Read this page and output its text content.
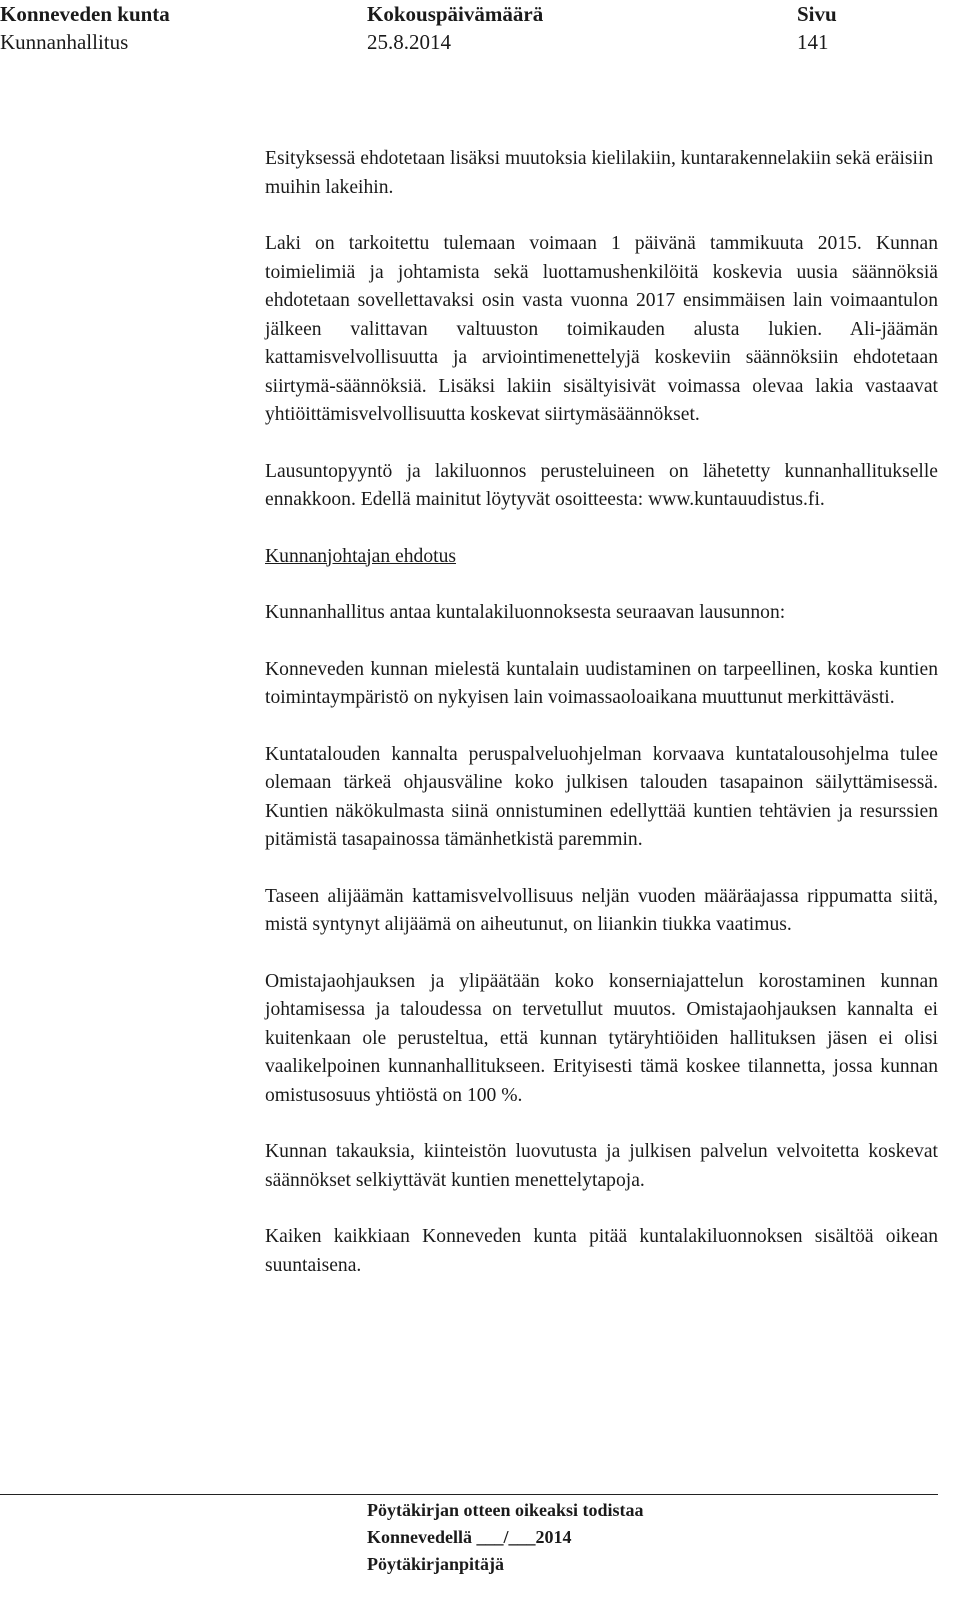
Konneveden kunta
Kunnanhallitus
Kokouspäivämäärä
25.8.2014
Sivu
141

Esityksessä ehdotetaan lisäksi muutoksia kielilakiin, kuntarakennelakiin sekä eräisiin muihin lakeihin.

Laki on tarkoitettu tulemaan voimaan 1 päivänä tammikuuta 2015. Kunnan toimielimiä ja johtamista sekä luottamushenkilöitä koskevia uusia säännöksiä ehdotetaan sovellettavaksi osin vasta vuonna 2017 ensimmäisen lain voimaantulon jälkeen valittavan valtuuston toimikauden alusta lukien. Ali-jäämän kattamisvelvollisuutta ja arviointimenettelyjä koskeviin säännöksiin ehdotetaan siirtymä-säännöksiä. Lisäksi lakiin sisältyisivät voimassa olevaa lakia vastaavat yhtiöittämisvelvollisuutta koskevat siirtymäsäännökset.

Lausuntopyyntö ja lakiluonnos perusteluineen on lähetetty kunnanhallitukselle ennakkoon. Edellä mainitut löytyvät osoitteesta: www.kuntauudistus.fi.

Kunnanjohtajan ehdotus

Kunnanhallitus antaa kuntalakiluonnoksesta seuraavan lausunnon:

Konneveden kunnan mielestä kuntalain uudistaminen on tarpeellinen, koska kuntien toimintaympäristö on nykyisen lain voimassaoloaikana muuttunut merkittävästi.

Kuntatalouden kannalta peruspalveluohjelman korvaava kuntatalousohjelma tulee olemaan tärkeä ohjausväline koko julkisen talouden tasapainon säilyttämisessä. Kuntien näkökulmasta siinä onnistuminen edellyttää kuntien tehtävien ja resurssien pitämistä tasapainossa tämänhetkistä paremmin.

Taseen alijäämän kattamisvelvollisuus neljän vuoden määräajassa rippumatta siitä, mistä syntynyt alijäämä on aiheutunut, on liiankin tiukka vaatimus.

Omistajaohjauksen ja ylipäätään koko konserniajattelun korostaminen kunnan johtamisessa ja taloudessa on tervetullut muutos. Omistajaohjauksen kannalta ei kuitenkaan ole perusteltua, että kunnan tytäryhtiöiden hallituksen jäsen ei olisi vaalikelpoinen kunnanhallitukseen. Erityisesti tämä koskee tilannetta, jossa kunnan omistusosuus yhtiöstä on 100 %.

Kunnan takauksia, kiinteistön luovutusta ja julkisen palvelun velvoitetta koskevat säännökset selkiyttävät kuntien menettelytapoja.

Kaiken kaikkiaan Konneveden kunta pitää kuntalakiluonnoksen sisältöä oikean suuntaisena.

Pöytäkirjan otteen oikeaksi todistaa
Konnevedellä ___/___2014
Pöytäkirjanpitäjä
